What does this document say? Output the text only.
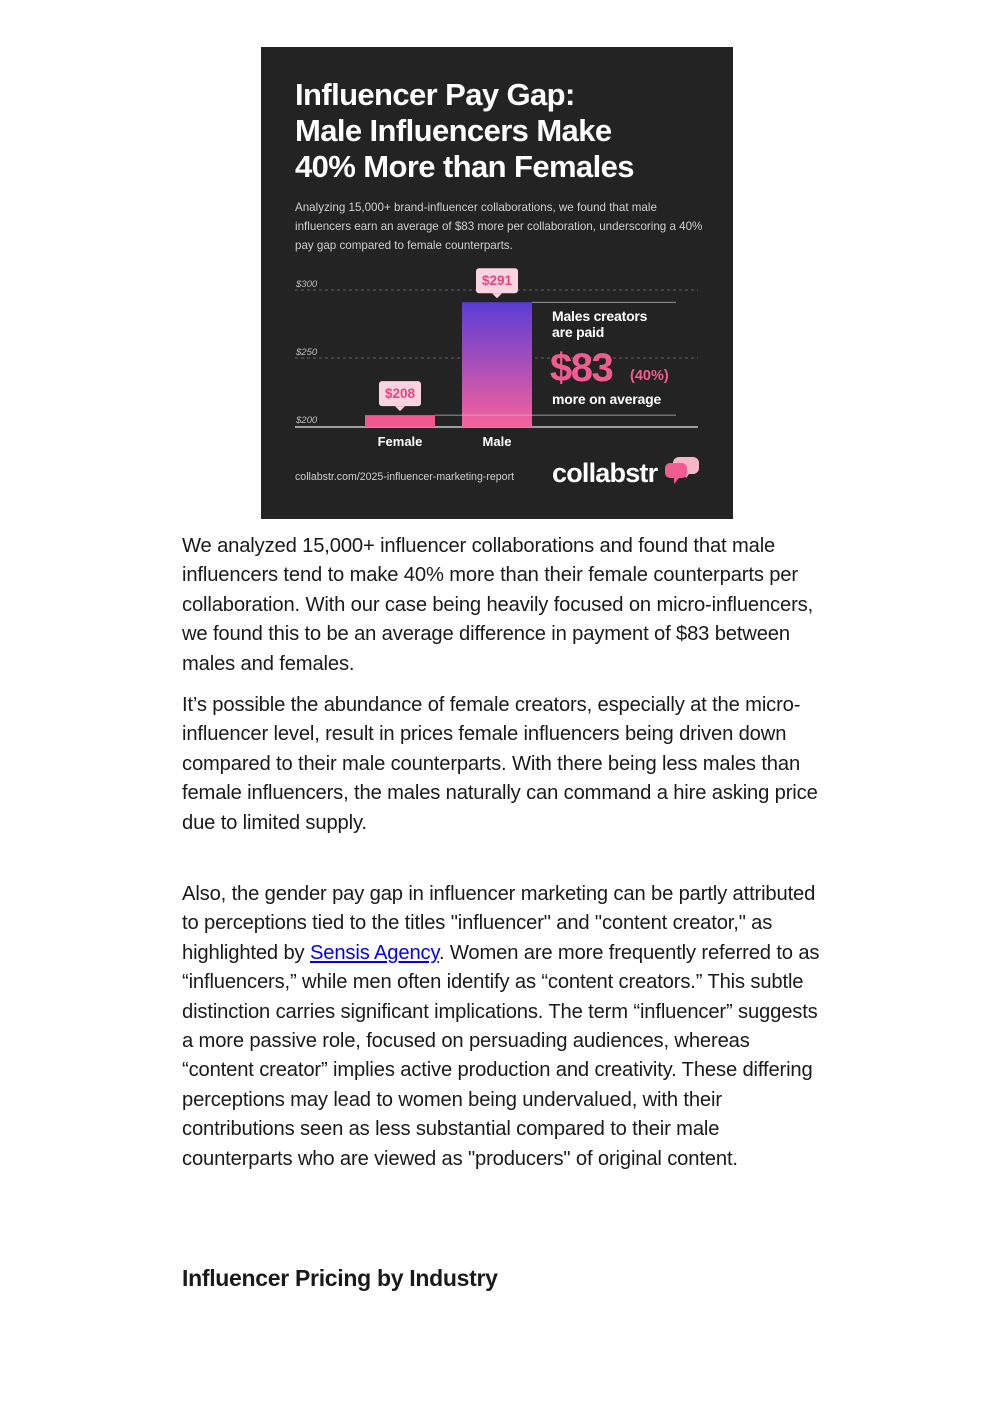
Influencer Pay Gap:
Male Influencers Make
40% More than Females

Analyzing 15,000+ brand-influencer collaborations, we found that male influencers earn an average of $83 more per collaboration, underscoring a 40% pay gap compared to female counterparts.

$200
$250
$300
$208
Female
$291
Male
Males creators
are paid
$83 (40%)
more on average
collabstr.com/2025-influencer-marketing-report collabstr

We analyzed 15,000+ influencer collaborations and found that male influencers tend to make 40% more than their female counterparts per collaboration. With our case being heavily focused on micro-influencers, we found this to be an average difference in payment of $83 between males and females.

It’s possible the abundance of female creators, especially at the micro-influencer level, result in prices female influencers being driven down compared to their male counterparts. With there being less males than female influencers, the males naturally can command a hire asking price due to limited supply.

Also, the gender pay gap in influencer marketing can be partly attributed to perceptions tied to the titles "influencer" and "content creator," as highlighted by Sensis Agency. Women are more frequently referred to as “influencers,” while men often identify as “content creators.” This subtle distinction carries significant implications. The term “influencer” suggests a more passive role, focused on persuading audiences, whereas “content creator” implies active production and creativity. These differing perceptions may lead to women being undervalued, with their contributions seen as less substantial compared to their male counterparts who are viewed as "producers" of original content.

Influencer Pricing by Industry
